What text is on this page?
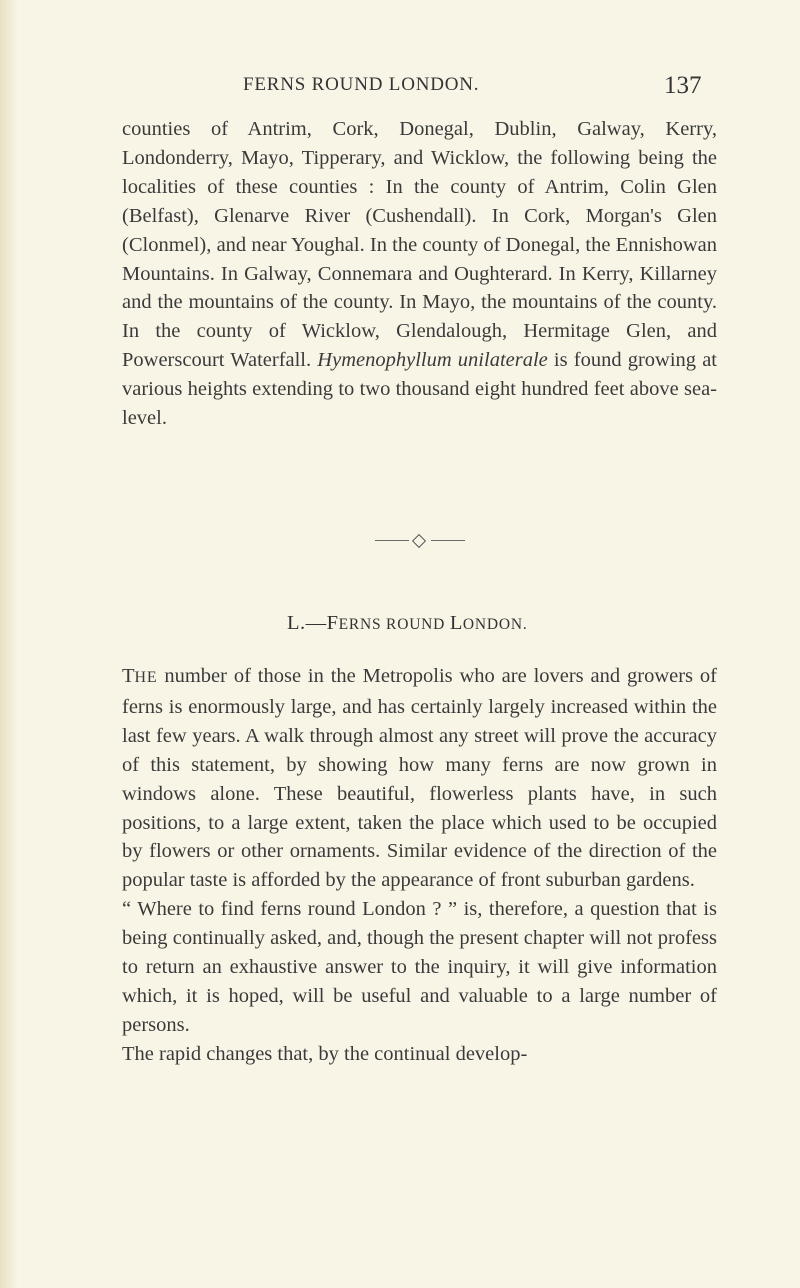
FERNS ROUND LONDON.	137
counties of Antrim, Cork, Donegal, Dublin, Galway, Kerry, Londonderry, Mayo, Tipperary, and Wicklow, the following being the localities of these counties : In the county of Antrim, Colin Glen (Belfast), Glenarve River (Cushendall). In Cork, Morgan's Glen (Clonmel), and near Youghal. In the county of Donegal, the Ennishowan Mountains. In Galway, Connemara and Oughterard. In Kerry, Killarney and the mountains of the county. In Mayo, the mountains of the county. In the county of Wicklow, Glendalough, Hermitage Glen, and Powerscourt Waterfall. Hymenophyllum unilaterale is found growing at various heights extending to two thousand eight hundred feet above sea-level.
L.—FERNS ROUND LONDON.

THE number of those in the Metropolis who are lovers and growers of ferns is enormously large, and has certainly largely increased within the last few years. A walk through almost any street will prove the accuracy of this statement, by showing how many ferns are now grown in windows alone. These beautiful, flowerless plants have, in such positions, to a large extent, taken the place which used to be occupied by flowers or other ornaments. Similar evidence of the direction of the popular taste is afforded by the appearance of front suburban gardens.

“ Where to find ferns round London ? ” is, therefore, a question that is being continually asked, and, though the present chapter will not profess to return an exhaustive answer to the inquiry, it will give information which, it is hoped, will be useful and valuable to a large number of persons.

The rapid changes that, by the continual develop-
